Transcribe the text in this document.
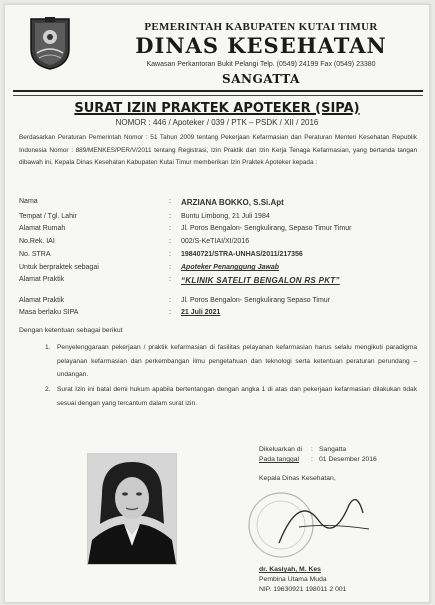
PEMERINTAH KABUPATEN KUTAI TIMUR
DINAS KESEHATAN
Kawasan Perkantoran Bukit Pelangi Telp. (0549) 24199 Fax (0549) 23380
SANGATTA
SURAT IZIN PRAKTEK APOTEKER (SIPA)
NOMOR : 446 / Apoteker / 039 / PTK – PSDK / XII / 2016
Berdasarkan Peraturan Pemerintah Nomor : 51 Tahun 2009 tentang Pekerjaan Kefarmasian dan Peraturan Menteri Kesehatan Republik Indonesia Nomor : 889/MENKES/PER/V/2011 tentang Registrasi, Izin Praktik dan Izin Kerja Tenaga Kefarmasian, yang bertanda tangan dibawah ini, Kepala Dinas Kesehatan Kabupaten Kutai Timur memberikan Izin Praktek Apoteker kepada :
Nama	: ARZIANA BOKKO, S.Si.Apt
Tempat / Tgl. Lahir	: Buntu Limbong, 21 Juli 1984
Alamat Rumah	: Jl. Poros Bengalon- Sengkulirang, Sepaso Timur Timur
No.Rek. IAI	: 002/S-KeTIAI/XI/2016
No. STRA	: 19840721/STRA-UNHAS/2011/217356
Untuk berpraktek sebagai	: Apoteker Penanggung Jawab
Alamat Praktik	: “KLINIK SATELIT BENGALON RS PKT”
Alamat Praktik	: Jl. Poros Bengalon- Sengkulirang Sepaso Timur
Masa berlaku SIPA	: 21 Juli 2021
Dengan ketentuan sebagai berikut
1. Penyelenggaraan pekerjaan / praktik kefarmasian di fasilitas pelayanan kefarmasian harus selalu mengikuti paradigma pelayanan kefarmasian dan perkembangan ilmu pengetahuan dan teknologi serta ketentuan peraturan perundang – undangan.
2. Surat Izin ini batal demi hukum apabila bertentangan dengan angka 1 di atas dan pekerjaan kefarmasian dilakukan tidak sesuai dengan yang tercantum dalam surat izin.
Dikeluarkan di : Sangatta
Pada tanggal : 01 Desember 2016
Kepala Dinas Kesehatan,
dr. Kasiyah, M. Kes
Pembina Utama Muda
NIP. 19630921 198011 2 001
